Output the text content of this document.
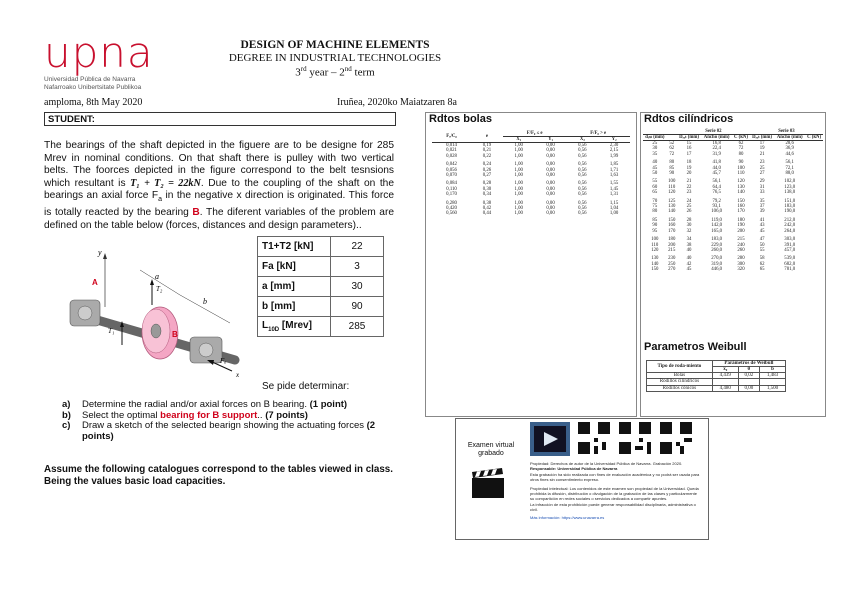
upna
Universidad Pública de Navarra
Nafarroako Unibertsitate Publikoa
DESIGN OF MACHINE ELEMENTS
DEGREE IN INDUSTRIAL TECHNOLOGIES
3rd year – 2nd term
amploma, 8th May 2020	Iruñea, 2020ko Maiatzaren 8a
STUDENT:
The bearings of the shaft depicted in the figuere are to be designe for 285 Mrev in nominal conditions. On that shaft there is pulley with two vertical belts. The foorces depicted in the figure correspond to the belt tesnsions which resultant is T₁ + T₂ = 22kN. Due to the coupling of the shaft on the bearings an axial force $F_a$ in the negative x direction is originated. This force is totally reacted by the bearing B. The diferent variables of the problem are defined on the table below (forces, distances and design parameters)..
T1+T2 [kN]	22
Fa [kN]	3
a [mm]	30
b [mm]	90
$L_{10D}$ [Mrev]	285
y
a
b
A
T₂
T₁	B
Fₐ
x
Se pide determinar:
a) Determine the radial and/or axial forces on B bearing. (1 point)
b) Select the optimal bearing for B support.. (7 points)
c) Draw a sketch of the selected bearign showing the actuating forces (2 points)
Assume the following catalogues correspond to the tables viewed in class. Being the values basic load capacities.
Rdtos bolas
Fₐ/C₀	e	F/F₀ ≤ e		F/F₀ > e	
		X₁	Y₁	X₂	Y₂
0,014	0,19	1,00	0,00	0,56	2,30
0,021	0,21	1,00	0,00	0,56	2,15
0,028	0,22	1,00	0,00	0,56	1,99
0,042	0,24	1,00	0,00	0,56	1,85
0,056	0,26	1,00	0,00	0,56	1,71
0,070	0,27	1,00	0,00	0,56	1,63
0,084	0,28	1,00	0,00	0,56	1,55
0,110	0,30	1,00	0,00	0,56	1,45
0,170	0,34	1,00	0,00	0,56	1,31
0,280	0,38	1,00	0,00	0,56	1,15
0,420	0,42	1,00	0,00	0,56	1,04
0,560	0,44	1,00	0,00	0,56	1,00
Rdtos cilíndricos
		Serie 02			Serie 03		
dᵢₙₜ (mm)		Dₑₓₜ (mm)	Ancho (mm)	C (kN)	Dₑₓₜ (mm)	Ancho (mm)	C (kN)
25	52	15	16,8	62	17	28,6	
30	62	16	22,4	72	19	36,9	
35	72	17	31,9	80	21	44,6	
40	80	18	41,8	90	23	56,1	
45	85	19	44,0	100	25	72,1	
50	90	20	45,7	110	27	88,0	
55	100	21	56,1	120	29	102,0	
60	110	22	64,4	130	31	123,0	
65	120	23	76,5	140	33	138,0	
70	125	24	79,2	150	35	151,0	
75	130	25	93,1	160	37	183,0	
80	140	26	106,0	170	39	190,0	
85	150	28	119,0	180	41	212,0	
90	160	30	142,0	190	43	242,0	
95	170	32	165,0	200	45	264,0	
100	180	34	183,0	215	47	303,0	
110	200	38	229,0	240	50	391,0	
120	215	40	260,0	260	55	457,0	
130	230	40	270,0	280	58	539,0	
140	250	42	319,0	300	62	682,0	
150	270	45	446,0	320	65	781,0	
Parametros Weibull
Tipo de roda-miento	Parámetros de Weibull		
	x₀	θ	b
Bolas	4,439	0,02	1,483
Rodillos cilíndricos			
Rodillos cónicos	4,480	0,00	1,500
Examen virtual grabado
Propiedad: Derechos de autor de la Universidad Pública de Navarra. Grabación 2020.
Responsable: Universidad Pública de Navarra
Esta grabación ha sido realizada con fines de evaluación académica y no podrá ser usada para otros fines sin consentimiento expreso.
Propiedad intelectual: Los contenidos de este examen son propiedad de la Universidad. Queda prohibida la difusión, distribución o divulgación de la grabación de las clases y particularmente su compartición en redes sociales o servicios dedicados a compartir apuntes.
La infracción de esta prohibición puede generar responsabilidad disciplinaria, administrativa o civil.
Más información: https://www.unavarra.es
